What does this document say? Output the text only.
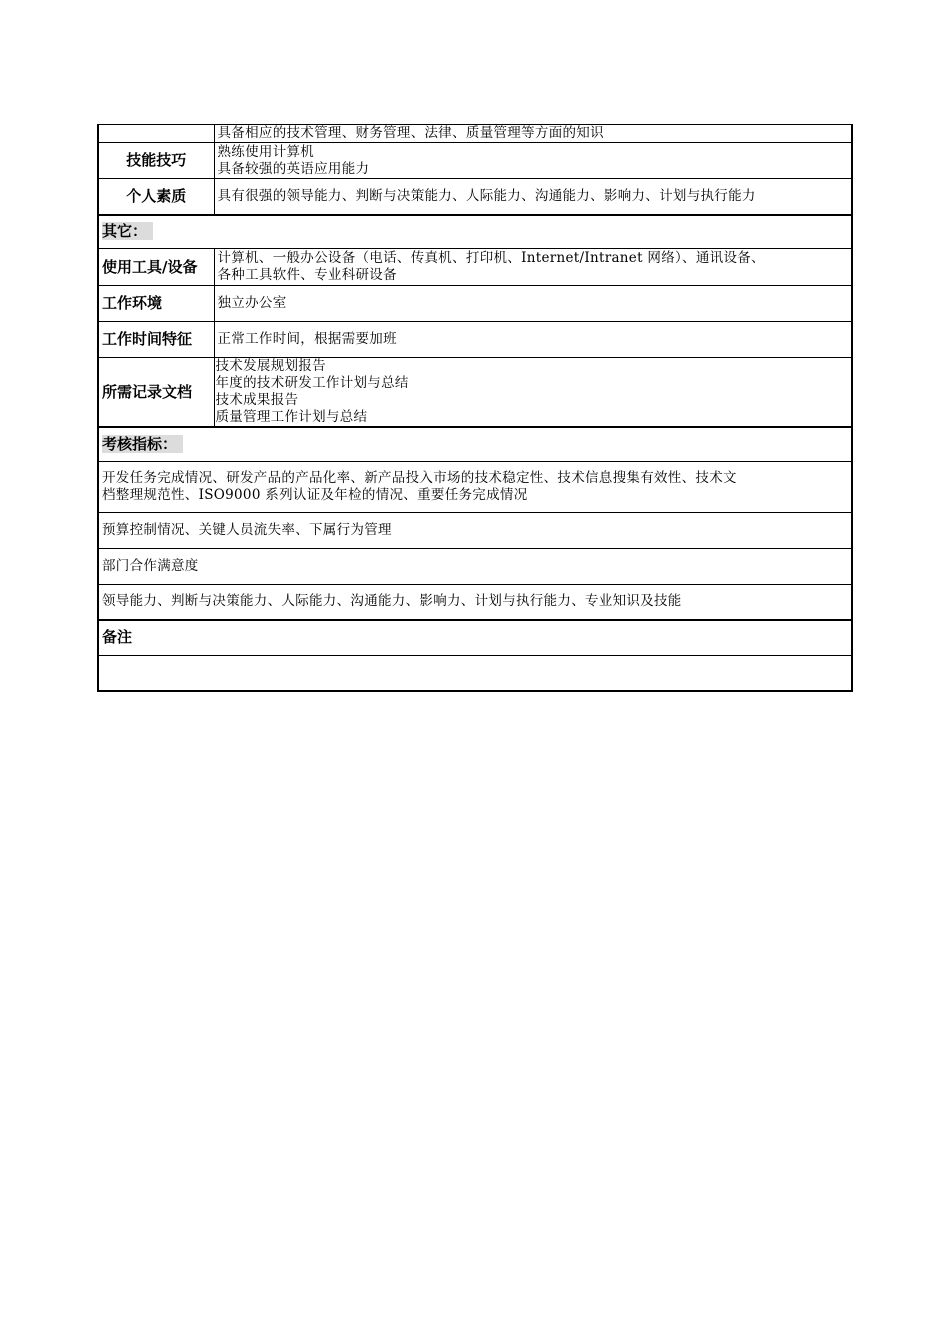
	具备相应的技术管理、财务管理、法律、质量管理等方面的知识

技能技巧	熟练使用计算机
具备较强的英语应用能力

个人素质	具有很强的领导能力、判断与决策能力、人际能力、沟通能力、影响力、计划与执行能力

其它：	
使用工具/设备	计算机、一般办公设备（电话、传真机、打印机、Internet/Intranet 网络）、通讯设备、
各种工具软件、专业科研设备

工作环境	独立办公室

工作时间特征	正常工作时间，根据需要加班

所需记录文档	技术发展规划报告
年度的技术研发工作计划与总结
技术成果报告
质量管理工作计划与总结

考核指标：	

开发任务完成情况、研发产品的产品化率、新产品投入市场的技术稳定性、技术信息搜集有效性、技术文
档整理规范性、ISO9000 系列认证及年检的情况、重要任务完成情况	

预算控制情况、关键人员流失率、下属行为管理	

部门合作满意度	

领导能力、判断与决策能力、人际能力、沟通能力、影响力、计划与执行能力、专业知识及技能	

备注	
